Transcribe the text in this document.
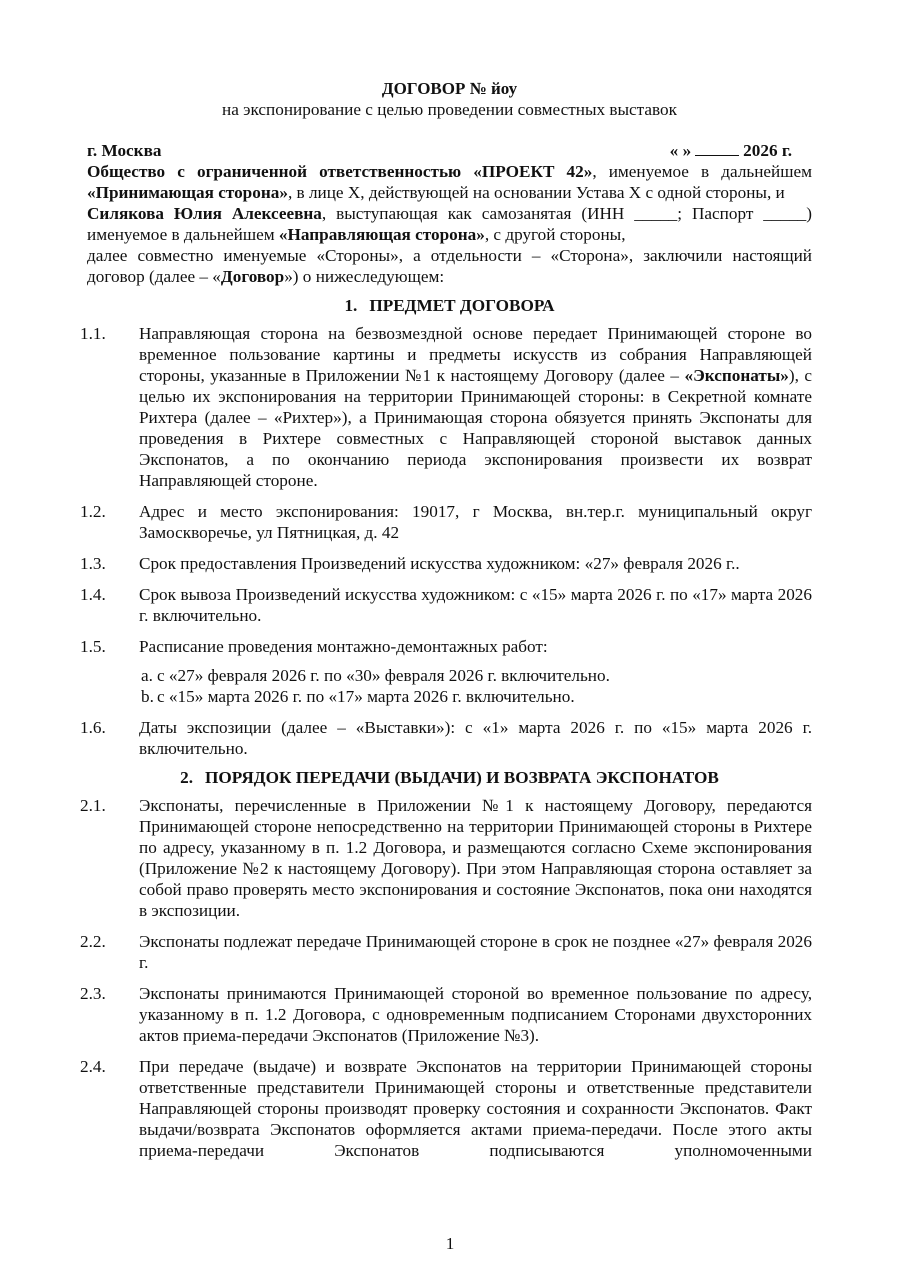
ДОГОВОР № йоу

на экспонирование с целью проведении совместных выставок

г. Москва	« »	2026 г.

Общество с ограниченной ответственностью «ПРОЕКТ 42», именуемое в дальнейшем «Принимающая сторона», в лице Х, действующей на основании Устава Х с одной стороны, и

Силякова Юлия Алексеевна, выступающая как самозанятая (ИНН _____; Паспорт _____) именуемое в дальнейшем «Направляющая сторона», с другой стороны,

далее совместно именуемые «Стороны», а отдельности – «Сторона», заключили настоящий договор (далее – «Договор») о нижеследующем:

1. ПРЕДМЕТ ДОГОВОРА
1.1. Направляющая сторона на безвозмездной основе передает Принимающей стороне во временное пользование картины и предметы искусств из собрания Направляющей стороны, указанные в Приложении №1 к настоящему Договору (далее – «Экспонаты»), с целью их экспонирования на территории Принимающей стороны: в Секретной комнате Рихтера (далее – «Рихтер»), а Принимающая сторона обязуется принять Экспонаты для проведения в Рихтере совместных с Направляющей стороной выставок данных Экспонатов, а по окончанию периода экспонирования произвести их возврат Направляющей стороне.
1.2. Адрес и место экспонирования: 19017, г Москва, вн.тер.г. муниципальный округ Замоскворечье, ул Пятницкая, д. 42
1.3. Срок предоставления Произведений искусства художником: «27» февраля 2026 г..
1.4. Срок вывоза Произведений искусства художником: с «15» марта 2026 г. по «17» марта 2026 г. включительно.
1.5. Расписание проведения монтажно-демонтажных работ:

a. с «27» февраля 2026 г. по «30» февраля 2026 г. включительно.

b. с «15» марта 2026 г. по «17» марта 2026 г. включительно.

1.6. Даты экспозиции (далее – «Выставки»): с «1» марта 2026 г. по «15» марта 2026 г. включительно.
2. ПОРЯДОК ПЕРЕДАЧИ (ВЫДАЧИ) И ВОЗВРАТА ЭКСПОНАТОВ
2.1. Экспонаты, перечисленные в Приложении №1 к настоящему Договору, передаются Принимающей стороне непосредственно на территории Принимающей стороны в Рихтере по адресу, указанному в п. 1.2 Договора, и размещаются согласно Схеме экспонирования (Приложение №2 к настоящему Договору). При этом Направляющая сторона оставляет за собой право проверять место экспонирования и состояние Экспонатов, пока они находятся в экспозиции.
2.2. Экспонаты подлежат передаче Принимающей стороне в срок не позднее «27» февраля 2026 г.
2.3. Экспонаты принимаются Принимающей стороной во временное пользование по адресу, указанному в п. 1.2 Договора, с одновременным подписанием Сторонами двухсторонних актов приема-передачи Экспонатов (Приложение №3).
2.4. При передаче (выдаче) и возврате Экспонатов на территории Принимающей стороны ответственные представители Принимающей стороны и ответственные представители Направляющей стороны производят проверку состояния и сохранности Экспонатов. Факт выдачи/возврата Экспонатов оформляется актами приема-передачи. После этого акты приема-передачи Экспонатов подписываются уполномоченными
1
